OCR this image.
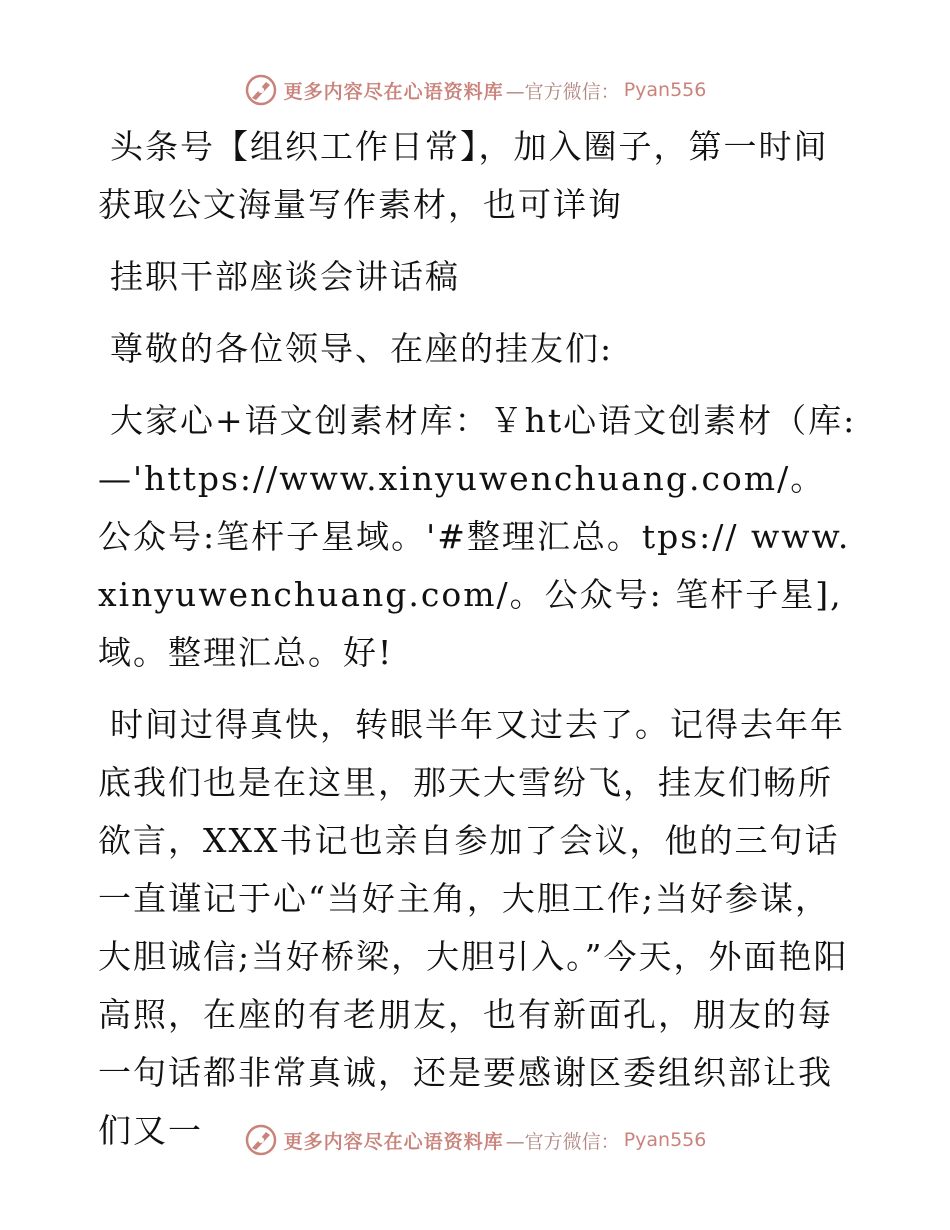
更多内容尽在心语资料库 —官方微信： Pyan556

头条号【组织工作日常】，加入圈子，第一时间获取公文海量写作素材，也可详询

挂职干部座谈会讲话稿

尊敬的各位领导、在座的挂友们:

大家心+语文创素材库：￥ht心语文创素材（库: —'https://www.xinyuwenchuang.com/。公众号:笔杆子星域。'#整理汇总。tps:// www.xinyuwenchuang.com/。公众号: 笔杆子星], 域。整理汇总。好!

时间过得真快，转眼半年又过去了。记得去年年底我们也是在这里，那天大雪纷飞，挂友们畅所欲言，XXX书记也亲自参加了会议，他的三句话一直谨记于心“当好主角，大胆工作;当好参谋，大胆诚信;当好桥梁，大胆引入。”今天，外面艳阳高照，在座的有老朋友，也有新面孔，朋友的每一句话都非常真诚，还是要感谢区委组织部让我们又一	更多内容尽在心语资料库 —官方微信： Pyan556
